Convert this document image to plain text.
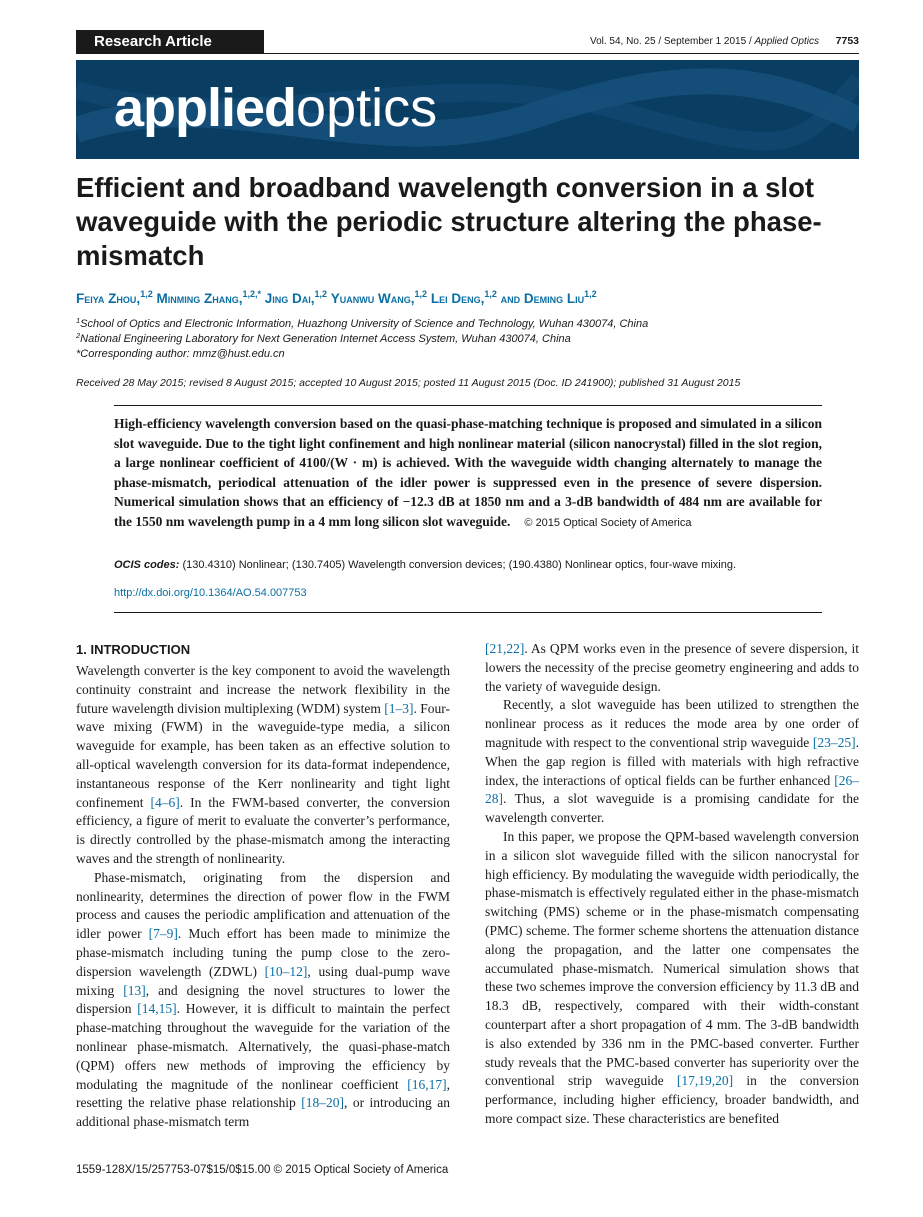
Research Article	Vol. 54, No. 25 / September 1 2015 / Applied Optics 7753
appliedoptics
Efficient and broadband wavelength conversion in a slot waveguide with the periodic structure altering the phase-mismatch
Feiya Zhou,$^{1,2}$ Minming Zhang,$^{1,2,*}$ Jing Dai,$^{1,2}$ Yuanwu Wang,$^{1,2}$ Lei Deng,$^{1,2}$ and Deming Liu$^{1,2}$
$^1$School of Optics and Electronic Information, Huazhong University of Science and Technology, Wuhan 430074, China
$^2$National Engineering Laboratory for Next Generation Internet Access System, Wuhan 430074, China
*Corresponding author: mmz@hust.edu.cn
Received 28 May 2015; revised 8 August 2015; accepted 10 August 2015; posted 11 August 2015 (Doc. ID 241900); published 31 August 2015
High-efficiency wavelength conversion based on the quasi-phase-matching technique is proposed and simulated in a silicon slot waveguide. Due to the tight light confinement and high nonlinear material (silicon nanocrystal) filled in the slot region, a large nonlinear coefficient of 4100/(W · m) is achieved. With the waveguide width changing alternately to manage the phase-mismatch, periodical attenuation of the idler power is suppressed even in the presence of severe dispersion. Numerical simulation shows that an efficiency of −12.3 dB at 1850 nm and a 3-dB bandwidth of 484 nm are available for the 1550 nm wavelength pump in a 4 mm long silicon slot waveguide. © 2015 Optical Society of America
OCIS codes: (130.4310) Nonlinear; (130.7405) Wavelength conversion devices; (190.4380) Nonlinear optics, four-wave mixing.
http://dx.doi.org/10.1364/AO.54.007753
1. INTRODUCTION

Wavelength converter is the key component to avoid the wavelength continuity constraint and increase the network flexibility in the future wavelength division multiplexing (WDM) system [1–3]. Four-wave mixing (FWM) in the waveguide-type media, a silicon waveguide for example, has been taken as an effective solution to all-optical wavelength conversion for its data-format independence, instantaneous response of the Kerr nonlinearity and tight light confinement [4–6]. In the FWM-based converter, the conversion efficiency, a figure of merit to evaluate the converter’s performance, is directly controlled by the phase-mismatch among the interacting waves and the strength of nonlinearity.

Phase-mismatch, originating from the dispersion and nonlinearity, determines the direction of power flow in the FWM process and causes the periodic amplification and attenuation of the idler power [7–9]. Much effort has been made to minimize the phase-mismatch including tuning the pump close to the zero-dispersion wavelength (ZDWL) [10–12], using dual-pump wave mixing [13], and designing the novel structures to lower the dispersion [14,15]. However, it is difficult to maintain the perfect phase-matching throughout the waveguide for the variation of the nonlinear phase-mismatch. Alternatively, the quasi-phase-match (QPM) offers new methods of improving the efficiency by modulating the magnitude of the nonlinear coefficient [16,17], resetting the relative phase relationship [18–20], or introducing an additional phase-mismatch term

[21,22]. As QPM works even in the presence of severe dispersion, it lowers the necessity of the precise geometry engineering and adds to the variety of waveguide design.

Recently, a slot waveguide has been utilized to strengthen the nonlinear process as it reduces the mode area by one order of magnitude with respect to the conventional strip waveguide [23–25]. When the gap region is filled with materials with high refractive index, the interactions of optical fields can be further enhanced [26–28]. Thus, a slot waveguide is a promising candidate for the wavelength converter.

In this paper, we propose the QPM-based wavelength conversion in a silicon slot waveguide filled with the silicon nanocrystal for high efficiency. By modulating the waveguide width periodically, the phase-mismatch is effectively regulated either in the phase-mismatch switching (PMS) scheme or in the phase-mismatch compensating (PMC) scheme. The former scheme shortens the attenuation distance along the propagation, and the latter one compensates the accumulated phase-mismatch. Numerical simulation shows that these two schemes improve the conversion efficiency by 11.3 dB and 18.3 dB, respectively, compared with their width-constant counterpart after a short propagation of 4 mm. The 3-dB bandwidth is also extended by 336 nm in the PMC-based converter. Further study reveals that the PMC-based converter has superiority over the conventional strip waveguide [17,19,20] in the conversion performance, including higher efficiency, broader bandwidth, and more compact size. These characteristics are benefited

1559-128X/15/257753-07$15/0$15.00 © 2015 Optical Society of America
